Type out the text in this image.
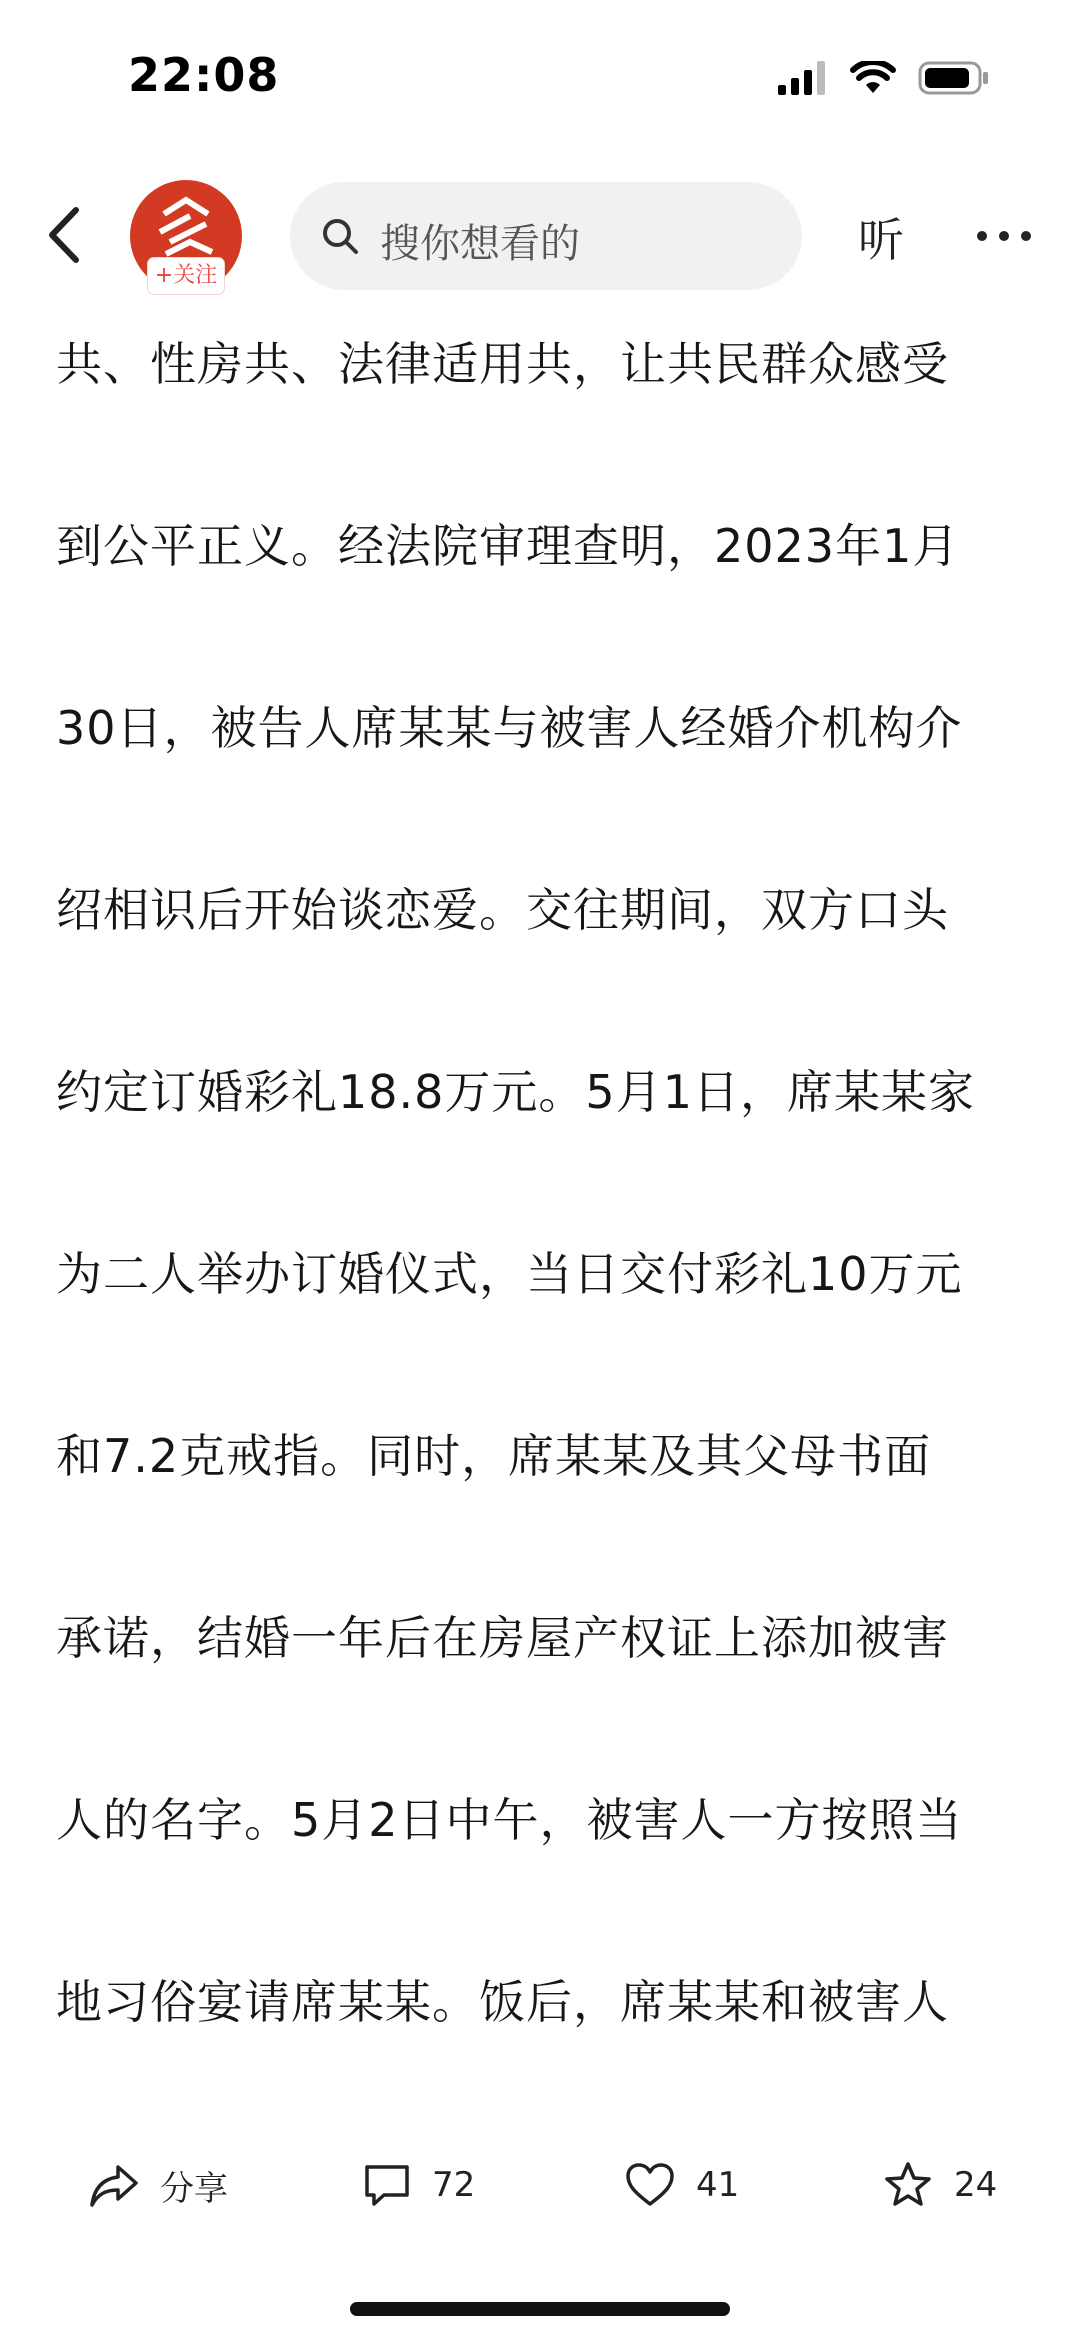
22:08
+关注
搜你想看的	听

共、性房共、法律适用共，让共民群众感受

到公平正义。经法院审理查明，2023年1月

30日，被告人席某某与被害人经婚介机构介

绍相识后开始谈恋爱。交往期间，双方口头

约定订婚彩礼18.8万元。5月1日，席某某家

为二人举办订婚仪式，当日交付彩礼10万元

和7.2克戒指。同时，席某某及其父母书面

承诺，结婚一年后在房屋产权证上添加被害

人的名字。5月2日中午，被害人一方按照当

地习俗宴请席某某。饭后，席某某和被害人

分享	72	41	24
